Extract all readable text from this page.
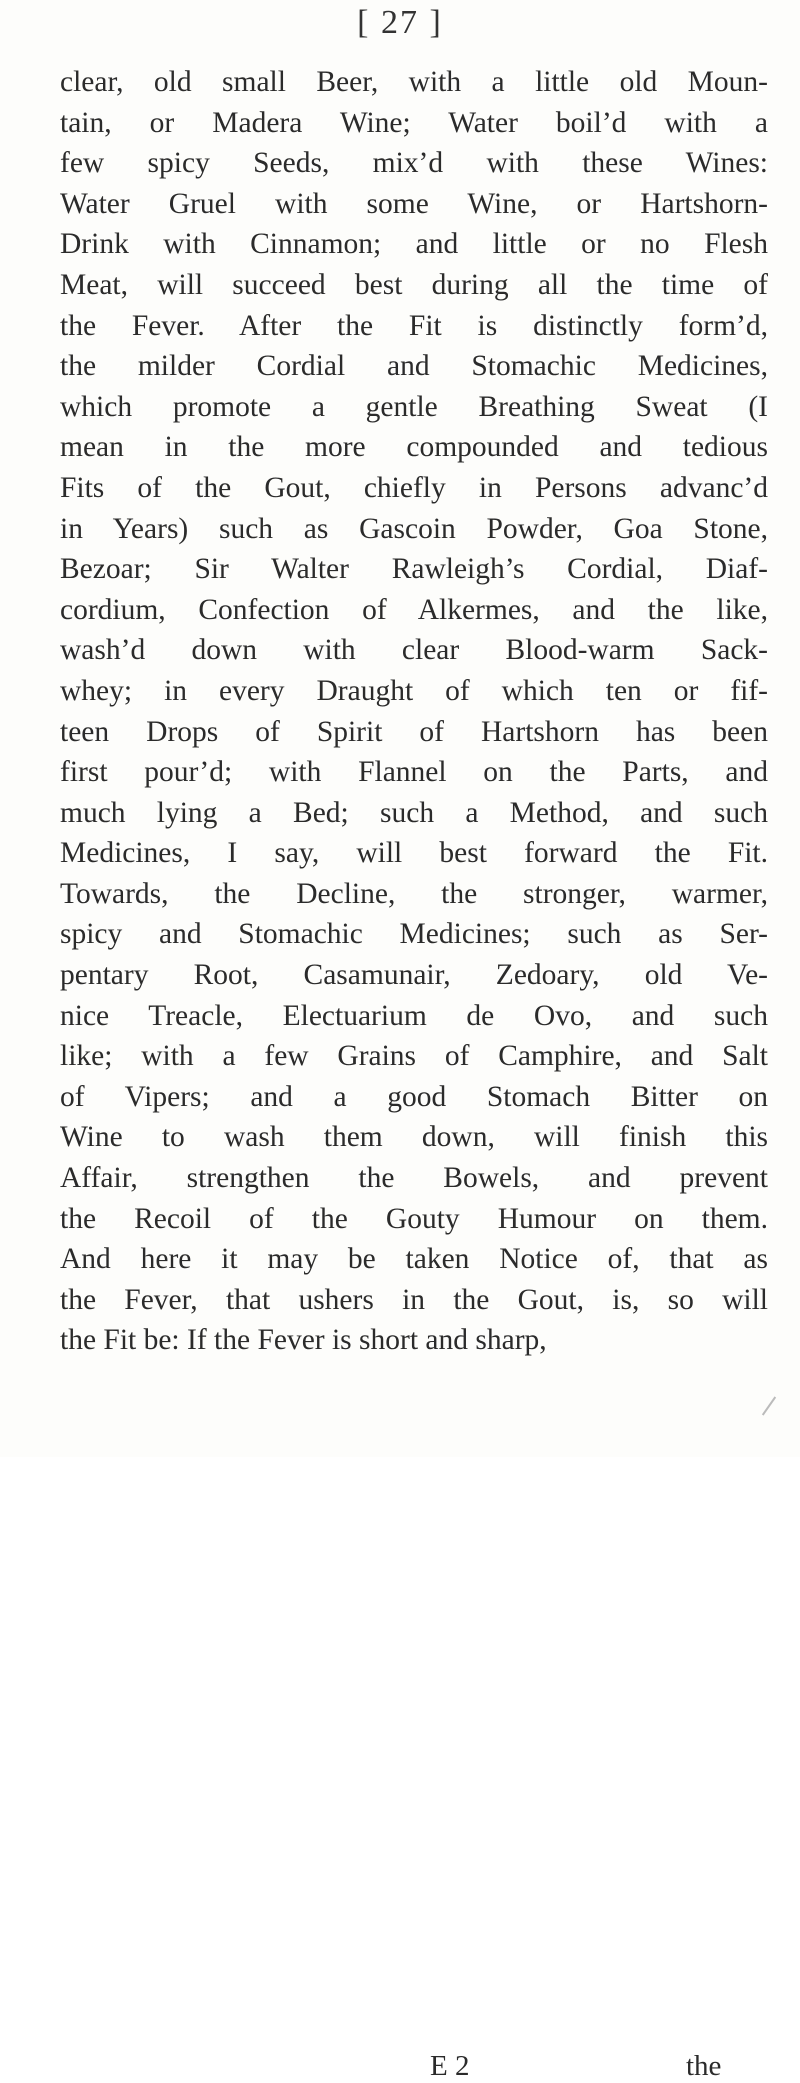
[ 27 ]
clear, old small Beer, with a little old Moun-
tain, or Madera Wine; Water boil’d with a
few spicy Seeds, mix’d with these Wines:
Water Gruel with some Wine, or Hartshorn-
Drink with Cinnamon; and little or no Flesh
Meat, will succeed best during all the time of
the Fever. After the Fit is distinctly form’d,
the milder Cordial and Stomachic Medicines,
which promote a gentle Breathing Sweat (I
mean in the more compounded and tedious
Fits of the Gout, chiefly in Persons advanc’d
in Years) such as Gascoin Powder, Goa Stone,
Bezoar; Sir Walter Rawleigh’s Cordial, Diaf-
cordium, Confection of Alkermes, and the like,
wash’d down with clear Blood-warm Sack-
whey; in every Draught of which ten or fif-
teen Drops of Spirit of Hartshorn has been
first pour’d; with Flannel on the Parts, and
much lying a Bed; such a Method, and such
Medicines, I say, will best forward the Fit.
Towards, the Decline, the stronger, warmer,
spicy and Stomachic Medicines; such as Ser-
pentary Root, Casamunair, Zedoary, old Ve-
nice Treacle, Electuarium de Ovo, and such
like; with a few Grains of Camphire, and Salt
of Vipers; and a good Stomach Bitter on
Wine to wash them down, will finish this
Affair, strengthen the Bowels, and prevent
the Recoil of the Gouty Humour on them.
And here it may be taken Notice of, that as
the Fever, that ushers in the Gout, is, so will
the Fit be: If the Fever is short and sharp,
E 2	the
